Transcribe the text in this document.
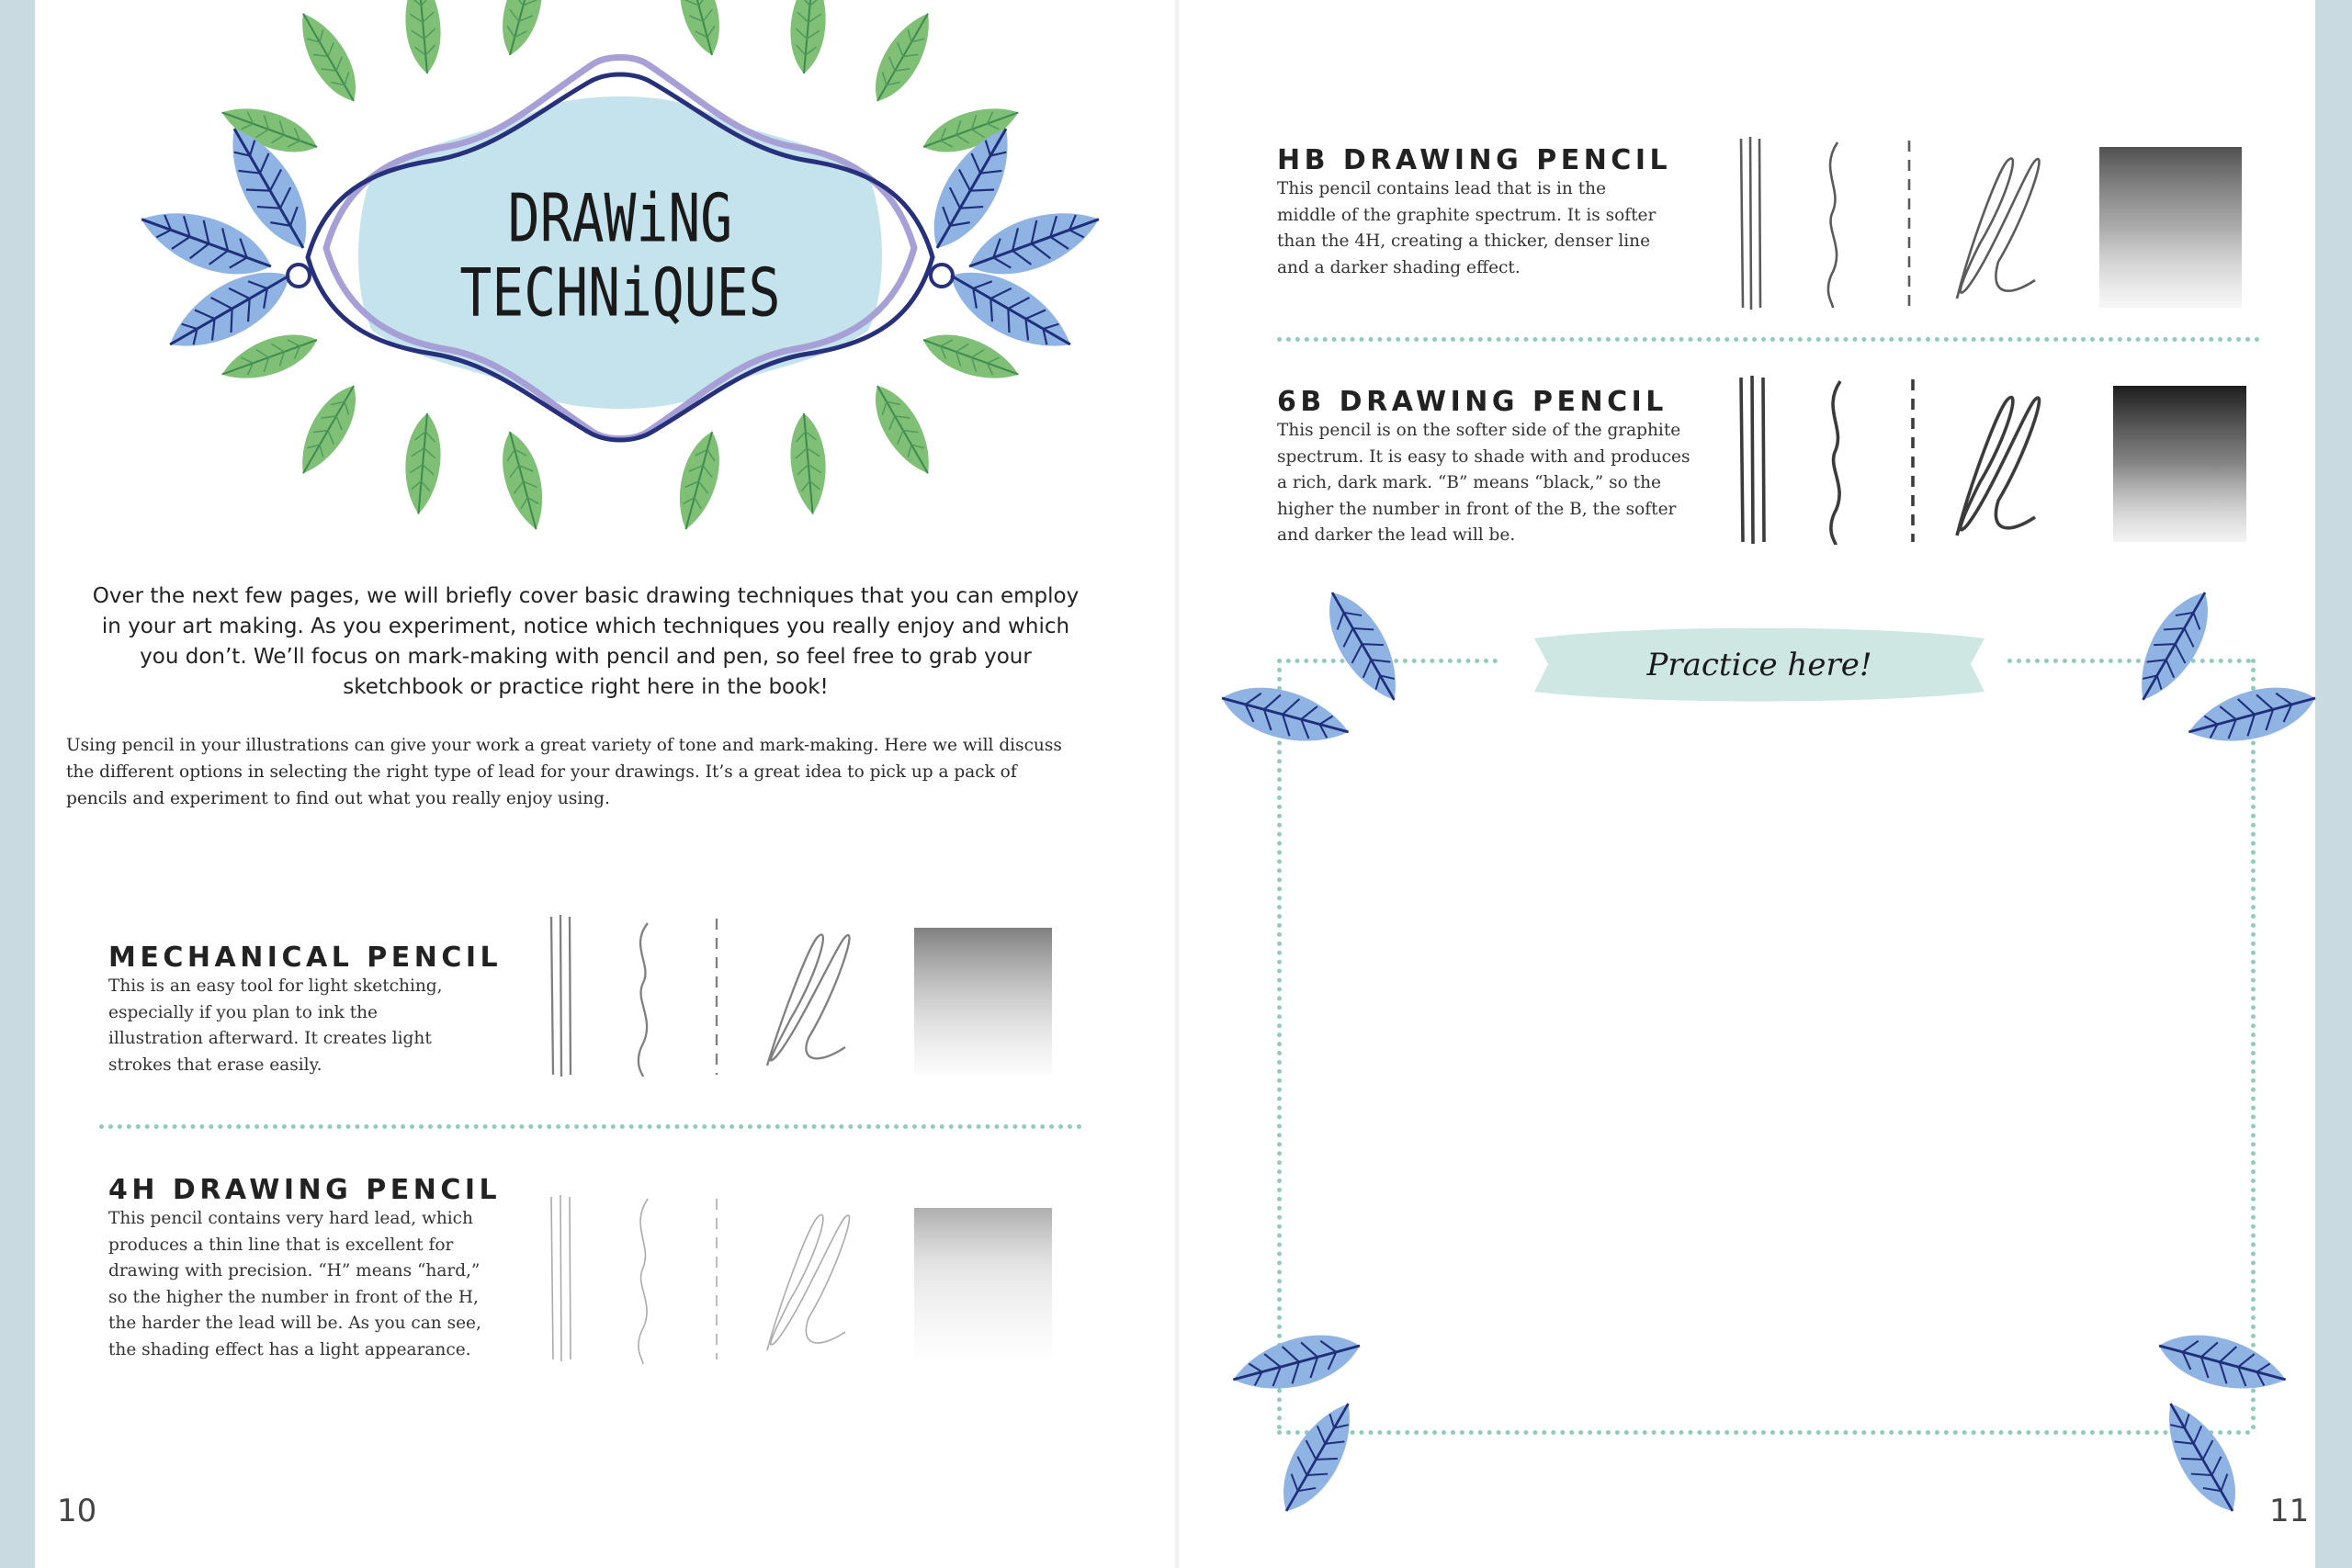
DRAWiNG
TECHNiQUES

Over the next few pages, we will briefly cover basic drawing techniques that you can employ in your art making. As you experiment, notice which techniques you really enjoy and which you don’t. We’ll focus on mark-making with pencil and pen, so feel free to grab your sketchbook or practice right here in the book!

Using pencil in your illustrations can give your work a great variety of tone and mark-making. Here we will discuss the different options in selecting the right type of lead for your drawings. It’s a great idea to pick up a pack of pencils and experiment to find out what you really enjoy using.

MECHANICAL PENCIL

This is an easy tool for light sketching, especially if you plan to ink the illustration afterward. It creates light strokes that erase easily.

4H DRAWING PENCIL

This pencil contains very hard lead, which produces a thin line that is excellent for drawing with precision. “H” means “hard,” so the higher the number in front of the H, the harder the lead will be. As you can see, the shading effect has a light appearance.

10
HB DRAWING PENCIL

This pencil contains lead that is in the middle of the graphite spectrum. It is softer than the 4H, creating a thicker, denser line and a darker shading effect.

6B DRAWING PENCIL

This pencil is on the softer side of the graphite spectrum. It is easy to shade with and produces a rich, dark mark. “B” means “black,” so the higher the number in front of the B, the softer and darker the lead will be.

Practice here!
11
